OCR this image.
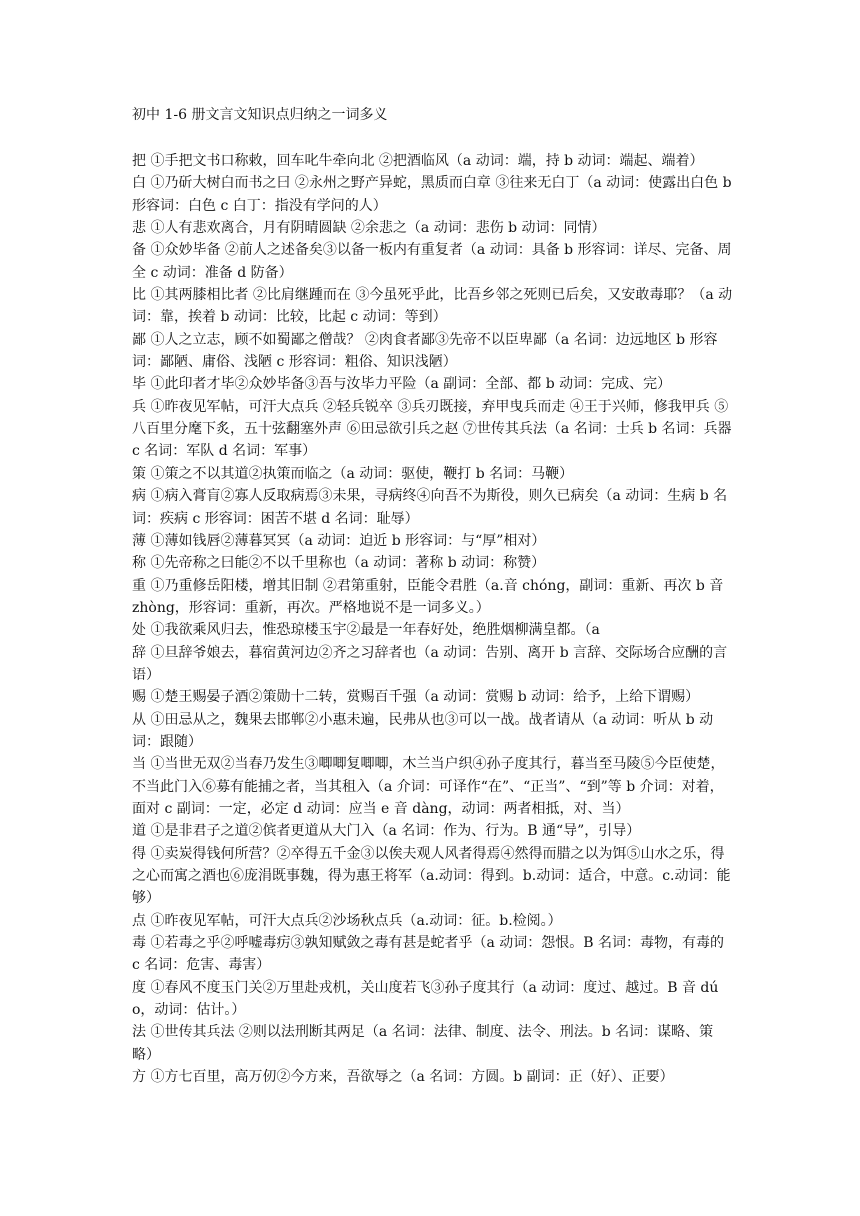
初中 1-6 册文言文知识点归纳之一词多义

把 ①手把文书口称敕，回车叱牛牵向北 ②把酒临风（a 动词：端，持 b 动词：端起、端着）

白 ①乃斫大树白而书之曰 ②永州之野产异蛇，黑质而白章 ③往来无白丁（a 动词：使露出白色 b 形容词：白色 c 白丁：指没有学问的人）

悲 ①人有悲欢离合，月有阴晴圆缺 ②余悲之（a 动词：悲伤 b 动词：同情）

备 ①众妙毕备 ②前人之述备矣③以备一板内有重复者（a 动词：具备 b 形容词：详尽、完备、周全 c 动词：准备 d 防备）

比 ①其两膝相比者 ②比肩继踵而在 ③今虽死乎此，比吾乡邻之死则已后矣，又安敢毒耶？（a 动词：靠，挨着 b 动词：比较，比起 c 动词：等到）

鄙 ①人之立志，顾不如蜀鄙之僧哉？ ②肉食者鄙③先帝不以臣卑鄙（a 名词：边远地区 b 形容词：鄙陋、庸俗、浅陋 c 形容词：粗俗、知识浅陋）

毕 ①此印者才毕②众妙毕备③吾与汝毕力平险（a 副词：全部、都 b 动词：完成、完）

兵 ①昨夜见军帖，可汗大点兵 ②轻兵锐卒 ③兵刃既接，弃甲曳兵而走 ④王于兴师，修我甲兵 ⑤八百里分麾下炙，五十弦翻塞外声 ⑥田忌欲引兵之赵 ⑦世传其兵法（a 名词：士兵 b 名词：兵器 c 名词：军队 d 名词：军事）

策 ①策之不以其道②执策而临之（a 动词：驱使，鞭打 b 名词：马鞭）

病 ①病入膏肓②寡人反取病焉③未果，寻病终④向吾不为斯役，则久已病矣（a 动词：生病 b 名词：疾病 c 形容词：困苦不堪 d 名词：耻辱）

薄 ①薄如钱唇②薄暮冥冥（a 动词：迫近 b 形容词：与“厚”相对）

称 ①先帝称之曰能②不以千里称也（a 动词：著称 b 动词：称赞）

重 ①乃重修岳阳楼，增其旧制 ②君第重射，臣能令君胜（a.音 chóng，副词：重新、再次 b 音 zhòng，形容词：重新，再次。严格地说不是一词多义。）

处 ①我欲乘风归去，惟恐琼楼玉宇②最是一年春好处，绝胜烟柳满皇都。（a

辞 ①旦辞爷娘去，暮宿黄河边②齐之习辞者也（a 动词：告别、离开 b 言辞、交际场合应酬的言语）

赐 ①楚王赐晏子酒②策勋十二转，赏赐百千强（a 动词：赏赐 b 动词：给予，上给下谓赐）

从 ①田忌从之，魏果去邯郸②小惠未遍，民弗从也③可以一战。战者请从（a 动词：听从 b 动词：跟随）

当 ①当世无双②当春乃发生③唧唧复唧唧，木兰当户织④孙子度其行，暮当至马陵⑤今臣使楚，不当此门入⑥募有能捕之者，当其租入（a 介词：可译作“在”、“正当”、“到”等 b 介词：对着，面对 c 副词：一定，必定 d 动词：应当 e 音 dàng，动词：两者相抵，对、当）

道 ①是非君子之道②傧者更道从大门入（a 名词：作为、行为。B 通“导”，引导）

得 ①卖炭得钱何所营？②卒得五千金③以俟夫观人风者得焉④然得而腊之以为饵⑤山水之乐，得之心而寓之酒也⑥庞涓既事魏，得为惠王将军（a.动词：得到。b.动词：适合，中意。c.动词：能够）

点 ①昨夜见军帖，可汗大点兵②沙场秋点兵（a.动词：征。b.检阅。）

毒 ①若毒之乎②呼嘘毒疠③孰知赋敛之毒有甚是蛇者乎（a 动词：怨恨。B 名词：毒物，有毒的 c 名词：危害、毒害）

度 ①春风不度玉门关②万里赴戎机，关山度若飞③孙子度其行（a 动词：度过、越过。B 音 dúo，动词：估计。）

法 ①世传其兵法 ②则以法刑断其两足（a 名词：法律、制度、法令、刑法。b 名词：谋略、策略）

方 ①方七百里，高万仞②今方来，吾欲辱之（a 名词：方圆。b 副词：正（好）、正要）
